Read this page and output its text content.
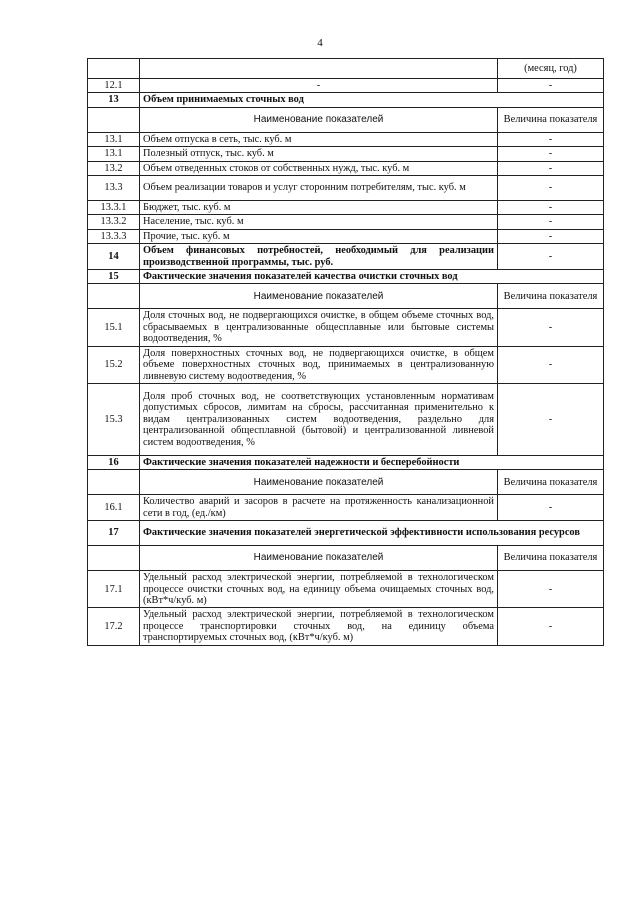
4
		(месяц, год)
12.1	-	-
13	Объем принимаемых сточных вод	
	Наименование показателей	Величина показателя
13.1	Объем отпуска в сеть, тыс. куб. м	-
13.1	Полезный отпуск, тыс. куб. м	-
13.2	Объем отведенных стоков от собственных нужд, тыс. куб. м	-
13.3	Объем реализации товаров и услуг сторонним потребителям, тыс. куб. м	-
13.3.1	Бюджет, тыс. куб. м	-
13.3.2	Население, тыс. куб. м	-
13.3.3	Прочие, тыс. куб. м	-
14	Объем финансовых потребностей, необходимый для реализации производственной программы, тыс. руб.	-
15	Фактические значения показателей качества очистки сточных вод	
	Наименование показателей	Величина показателя
15.1	Доля сточных вод, не подвергающихся очистке, в общем объеме сточных вод, сбрасываемых в централизованные общесплавные или бытовые системы водоотведения, %	-
15.2	Доля поверхностных сточных вод, не подвергающихся очистке, в общем объеме поверхностных сточных вод, принимаемых в централизованную ливневую систему водоотведения, %	-
15.3	Доля проб сточных вод, не соответствующих установленным нормативам допустимых сбросов, лимитам на сбросы, рассчитанная применительно к видам централизованных систем водоотведения, раздельно для централизованной общесплавной (бытовой) и централизованной ливневой систем водоотведения, %	-
16	Фактические значения показателей надежности и бесперебойности	
	Наименование показателей	Величина показателя
16.1	Количество аварий и засоров в расчете на протяженность канализационной сети в год, (ед./км)	-
17	Фактические значения показателей энергетической эффективности использования ресурсов	
	Наименование показателей	Величина показателя
17.1	Удельный расход электрической энергии, потребляемой в технологическом процессе очистки сточных вод, на единицу объема очищаемых сточных вод, (кВт*ч/куб. м)	-
17.2	Удельный расход электрической энергии, потребляемой в технологическом процессе транспортировки сточных вод, на единицу объема транспортируемых сточных вод, (кВт*ч/куб. м)	-
